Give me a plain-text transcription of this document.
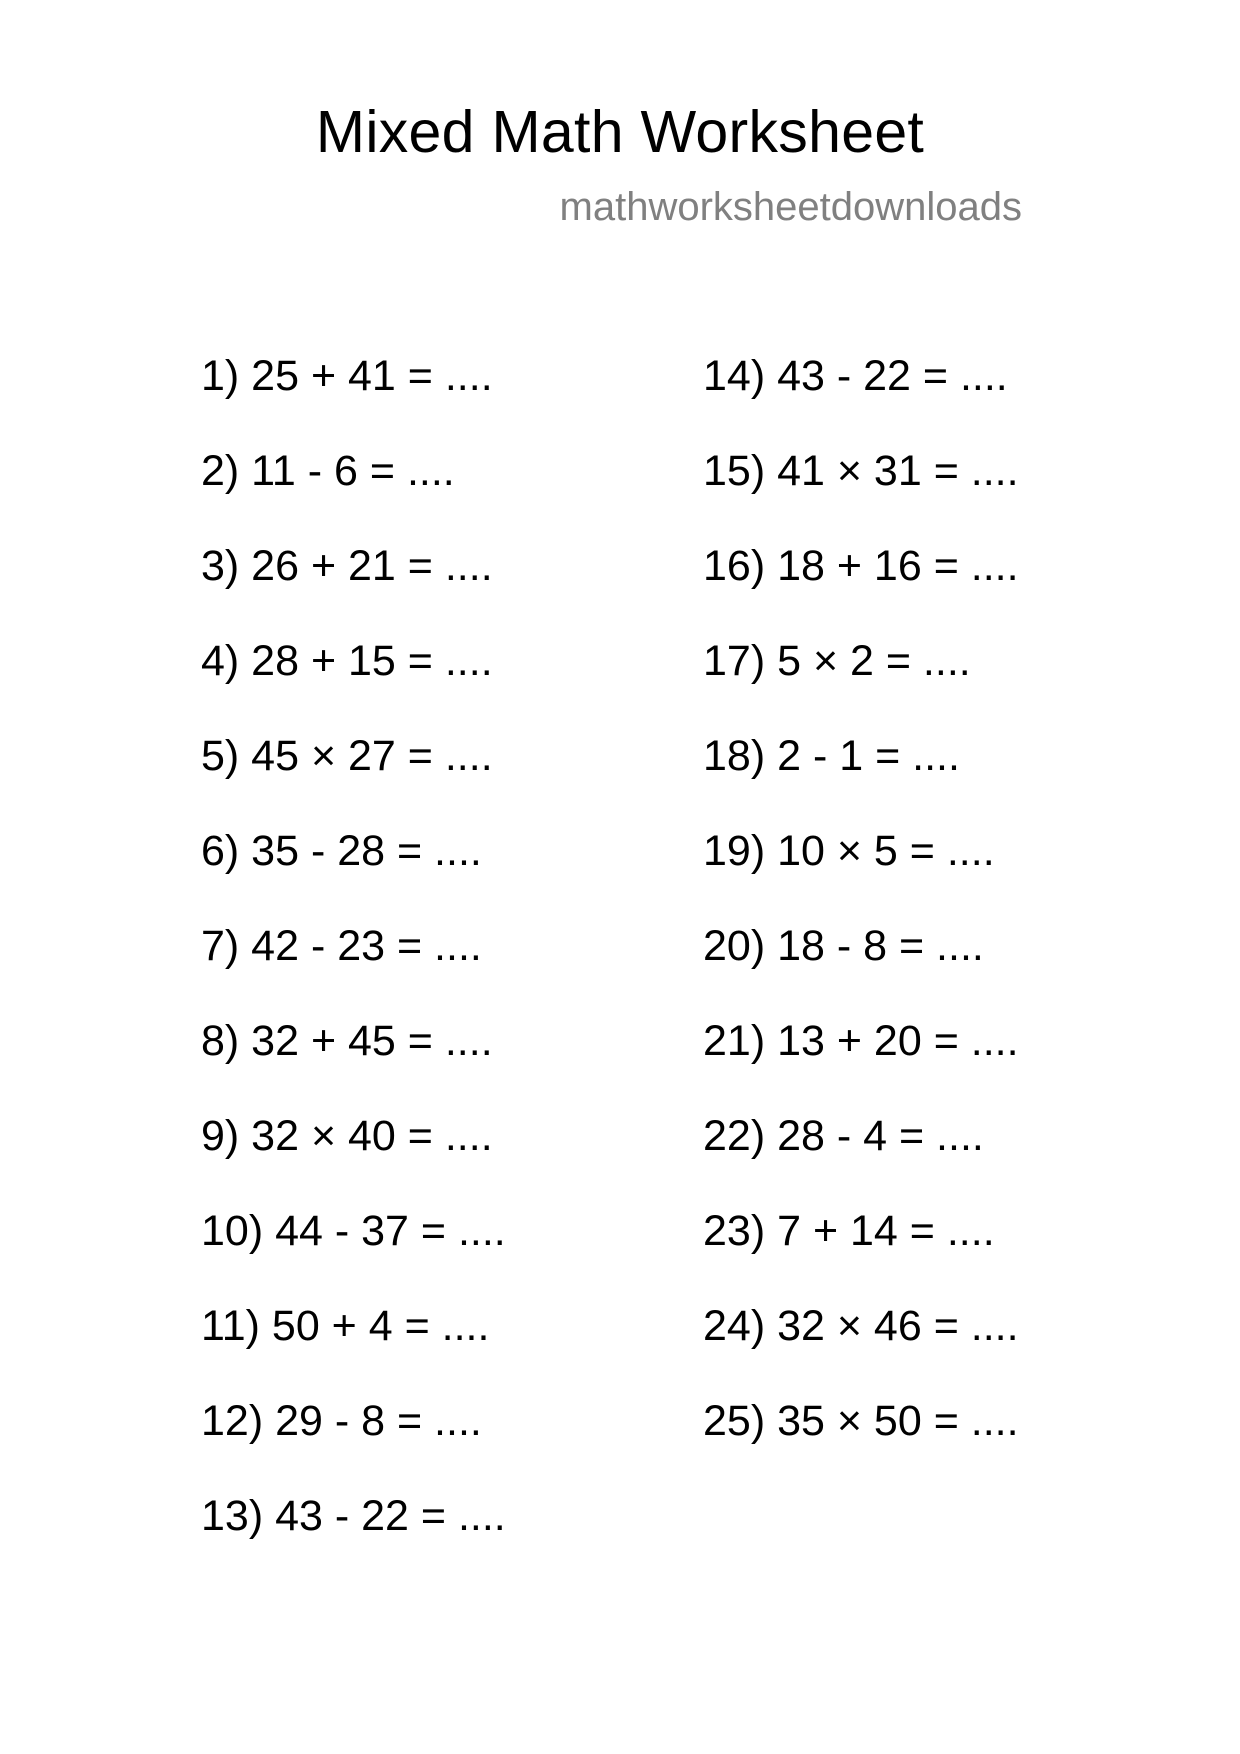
Mixed Math Worksheet
mathworksheetdownloads
1) 25 + 41 = ....
2) 11 - 6 = ....
3) 26 + 21 = ....
4) 28 + 15 = ....
5) 45 × 27 = ....
6) 35 - 28 = ....
7) 42 - 23 = ....
8) 32 + 45 = ....
9) 32 × 40 = ....
10) 44 - 37 = ....
11) 50 + 4 = ....
12) 29 - 8 = ....
13) 43 - 22 = ....
14) 43 - 22 = ....
15) 41 × 31 = ....
16) 18 + 16 = ....
17) 5 × 2 = ....
18) 2 - 1 = ....
19) 10 × 5 = ....
20) 18 - 8 = ....
21) 13 + 20 = ....
22) 28 - 4 = ....
23) 7 + 14 = ....
24) 32 × 46 = ....
25) 35 × 50 = ....
